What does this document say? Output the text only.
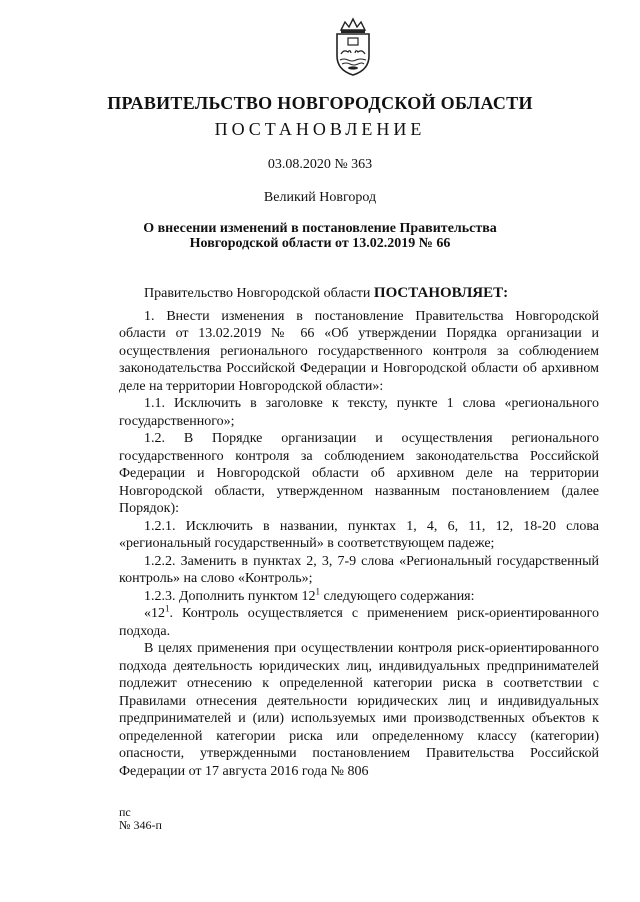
ПРАВИТЕЛЬСТВО НОВГОРОДСКОЙ ОБЛАСТИ
ПОСТАНОВЛЕНИЕ
03.08.2020 № 363
Великий Новгород
О внесении изменений в постановление Правительства
Новгородской области от 13.02.2019 № 66

Правительство Новгородской области ПОСТАНОВЛЯЕТ:

1. Внести изменения в постановление Правительства Новгородской области от 13.02.2019 № 66 «Об утверждении Порядка организации и осуществления регионального государственного контроля за соблюдением законодательства Российской Федерации и Новгородской области об архивном деле на территории Новгородской области»:

1.1. Исключить в заголовке к тексту, пункте 1 слова «регионального государственного»;

1.2. В Порядке организации и осуществления регионального государственного контроля за соблюдением законодательства Российской Федерации и Новгородской области об архивном деле на территории Новгородской области, утвержденном названным постановлением (далее Порядок):

1.2.1. Исключить в названии, пунктах 1, 4, 6, 11, 12, 18-20 слова «региональный государственный» в соответствующем падеже;

1.2.2. Заменить в пунктах 2, 3, 7-9 слова «Региональный государственный контроль» на слово «Контроль»;

1.2.3. Дополнить пунктом $12^1$ следующего содержания:

«$12^1$. Контроль осуществляется с применением риск-ориентированного подхода.

В целях применения при осуществлении контроля риск-ориентированного подхода деятельность юридических лиц, индивидуальных предпринимателей подлежит отнесению к определенной категории риска в соответствии с Правилами отнесения деятельности юридических лиц и индивидуальных предпринимателей и (или) используемых ими производственных объектов к определенной категории риска или определенному классу (категории) опасности, утвержденными постановлением Правительства Российской Федерации от 17 августа 2016 года № 806

пс
№ 346-п
